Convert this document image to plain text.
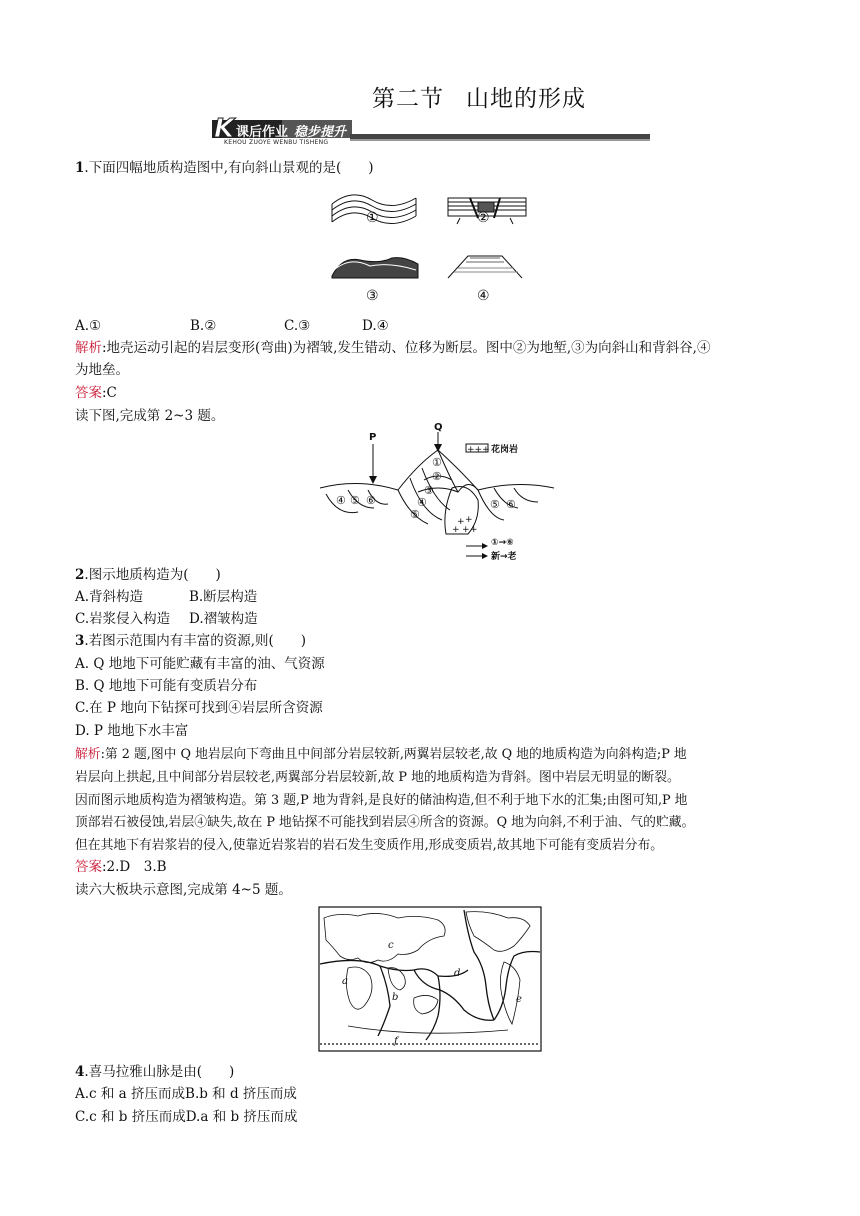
第二节 山地的形成
K 课后作业 稳步提升
KEHOU ZUOYE WENBU TISHENG
1.下面四幅地质构造图中,有向斜山景观的是(　　)
①	②
③	④
A.①	B.②	C.③	D.④
解析:地壳运动引起的岩层变形(弯曲)为褶皱,发生错动、位移为断层。图中②为地堑,③为向斜山和背斜谷,④
为地垒。
答案:C
读下图,完成第 2~3 题。
+ +
+ + +
+++
P
Q
花岗岩
①
②
③
④
⑤
④ ⑤ ⑥	⑤ ⑥
①→⑥
新→老
2.图示地质构造为(　　)
A.背斜构造	B.断层构造
C.岩浆侵入构造 D.褶皱构造
3.若图示范围内有丰富的资源,则(　　)
A. Q 地地下可能贮藏有丰富的油、气资源
B. Q 地地下可能有变质岩分布
C.在 P 地向下钻探可找到④岩层所含资源
D. P 地地下水丰富
解析:第 2 题,图中 Q 地岩层向下弯曲且中间部分岩层较新,两翼岩层较老,故 Q 地的地质构造为向斜构造;P 地
岩层向上拱起,且中间部分岩层较老,两翼部分岩层较新,故 P 地的地质构造为背斜。图中岩层无明显的断裂。
因而图示地质构造为褶皱构造。第 3 题,P 地为背斜,是良好的储油构造,但不利于地下水的汇集;由图可知,P 地
顶部岩石被侵蚀,岩层④缺失,故在 P 地钻探不可能找到岩层④所含的资源。Q 地为向斜,不利于油、气的贮藏。
但在其地下有岩浆岩的侵入,使靠近岩浆岩的岩石发生变质作用,形成变质岩,故其地下可能有变质岩分布。
答案:2.D　3.B
读六大板块示意图,完成第 4~5 题。
a
b
c
d
e
f
4.喜马拉雅山脉是由(　　)
A.c 和 a 挤压而成B.b 和 d 挤压而成
C.c 和 b 挤压而成D.a 和 b 挤压而成
